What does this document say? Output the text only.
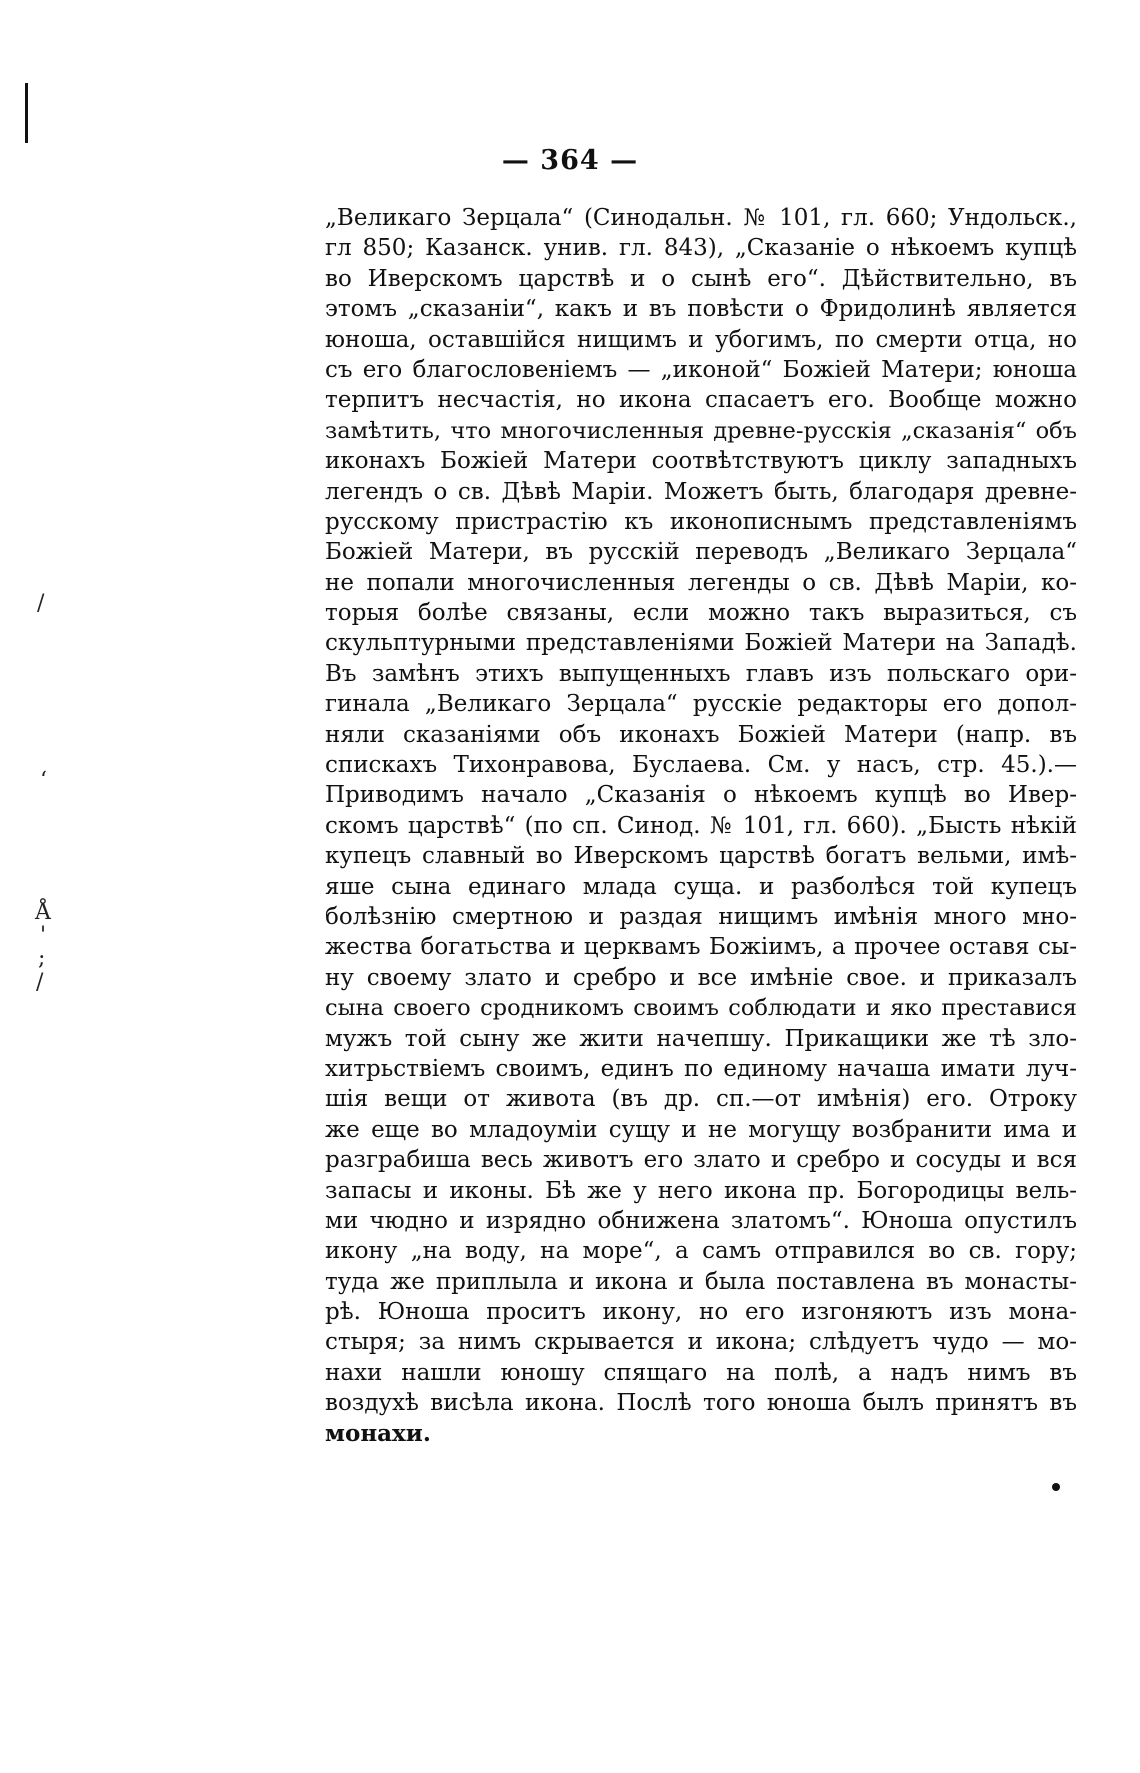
/
‘
Å
'
;
/
— 364 —
„Великаго Зерцала“ (Синодальн. № 101, гл. 660; Ундольск.,
гл 850; Казанск. унив. гл. 843), „Сказаніе о нѣкоемъ купцѣ
во Иверскомъ царствѣ и о сынѣ его“. Дѣйствительно, въ
этомъ „сказаніи“, какъ и въ повѣсти о Фридолинѣ является
юноша, оставшійся нищимъ и убогимъ, по смерти отца, но
съ его благословеніемъ — „иконой“ Божіей Матери; юноша
терпитъ несчастія, но икона спасаетъ его. Вообще можно
замѣтить, что многочисленныя древне-русскія „сказанія“ объ
иконахъ Божіей Матери соотвѣтствуютъ циклу западныхъ
легендъ о св. Дѣвѣ Маріи. Можетъ быть, благодаря древне-
русскому пристрастію къ иконописнымъ представленіямъ
Божіей Матери, въ русскій переводъ „Великаго Зерцала“
не попали многочисленныя легенды о св. Дѣвѣ Маріи, ко-
торыя болѣе связаны, если можно такъ выразиться, съ
скульптурными представленіями Божіей Матери на Западѣ.
Въ замѣнъ этихъ выпущенныхъ главъ изъ польскаго ори-
гинала „Великаго Зерцала“ русскіе редакторы его допол-
няли сказаніями объ иконахъ Божіей Матери (напр. въ
спискахъ Тихонравова, Буслаева. См. у насъ, стр. 45.).—
Приводимъ начало „Сказанія о нѣкоемъ купцѣ во Ивер-
скомъ царствѣ“ (по сп. Синод. № 101, гл. 660). „Бысть нѣкій
купецъ славный во Иверскомъ царствѣ богатъ вельми, имѣ-
яше сына единаго млада суща. и разболѣся той купецъ
болѣзнію смертною и раздая нищимъ имѣнія много мно-
жества богатьства и церквамъ Божіимъ, а прочее оставя сы-
ну своему злато и сребро и все имѣніе свое. и приказалъ
сына своего сродникомъ своимъ соблюдати и яко преставися
мужъ той сыну же жити начепшу. Прикащики же тѣ зло-
хитрьствіемъ своимъ, единъ по единому начаша имати луч-
шія вещи от живота (въ др. сп.—от имѣнія) его. Отроку
же еще во младоуміи сущу и не могущу возбранити има и
разграбиша весь животъ его злато и сребро и сосуды и вся
запасы и иконы. Бѣ же у него икона пр. Богородицы вель-
ми чюдно и изрядно обнижена златомъ“. Юноша опустилъ
икону „на воду, на море“, а самъ отправился во св. гору;
туда же приплыла и икона и была поставлена въ монасты-
рѣ. Юноша проситъ икону, но его изгоняютъ изъ мона-
стыря; за нимъ скрывается и икона; слѣдуетъ чудо — мо-
нахи нашли юношу спящаго на полѣ, а надъ нимъ въ
воздухѣ висѣла икона. Послѣ того юноша былъ принятъ въ
монахи.
